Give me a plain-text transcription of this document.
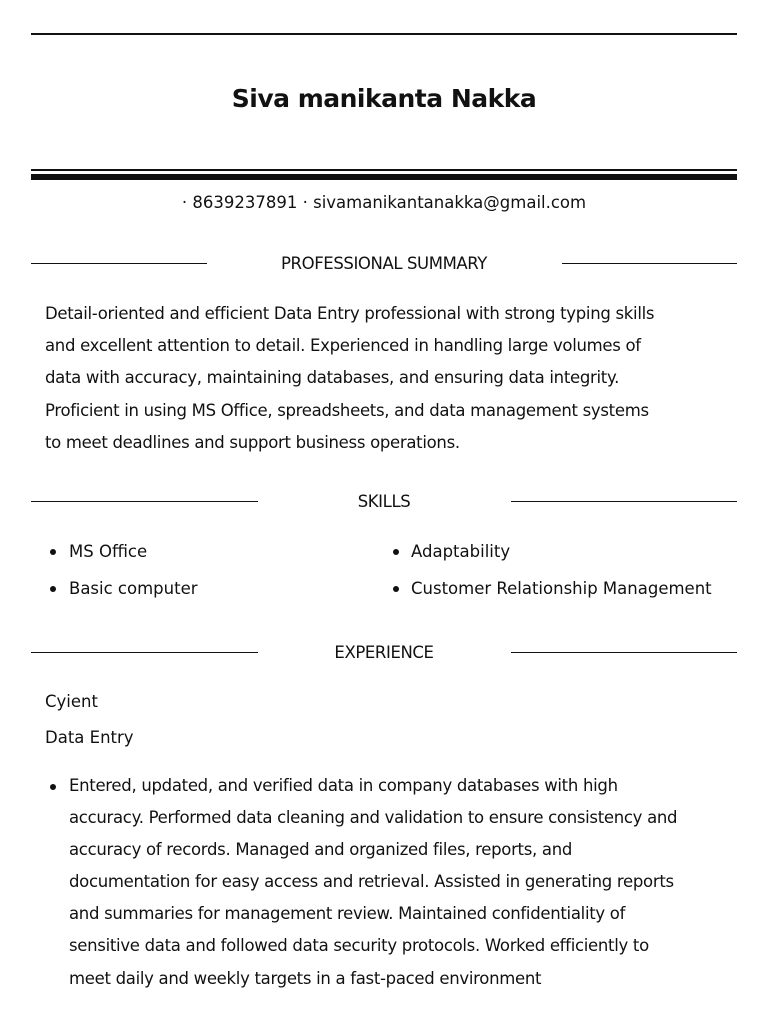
Siva manikanta Nakka
· 8639237891 · sivamanikantanakka@gmail.com
PROFESSIONAL SUMMARY
Detail-oriented and efficient Data Entry professional with strong typing skills
and excellent attention to detail. Experienced in handling large volumes of
data with accuracy, maintaining databases, and ensuring data integrity.
Proficient in using MS Office, spreadsheets, and data management systems
to meet deadlines and support business operations.
SKILLS
MS Office	Adaptability
Basic computer	Customer Relationship Management
EXPERIENCE
Cyient
Data Entry
Entered, updated, and verified data in company databases with high
accuracy. Performed data cleaning and validation to ensure consistency and
accuracy of records. Managed and organized files, reports, and
documentation for easy access and retrieval. Assisted in generating reports
and summaries for management review. Maintained confidentiality of
sensitive data and followed data security protocols. Worked efficiently to
meet daily and weekly targets in a fast-paced environment
